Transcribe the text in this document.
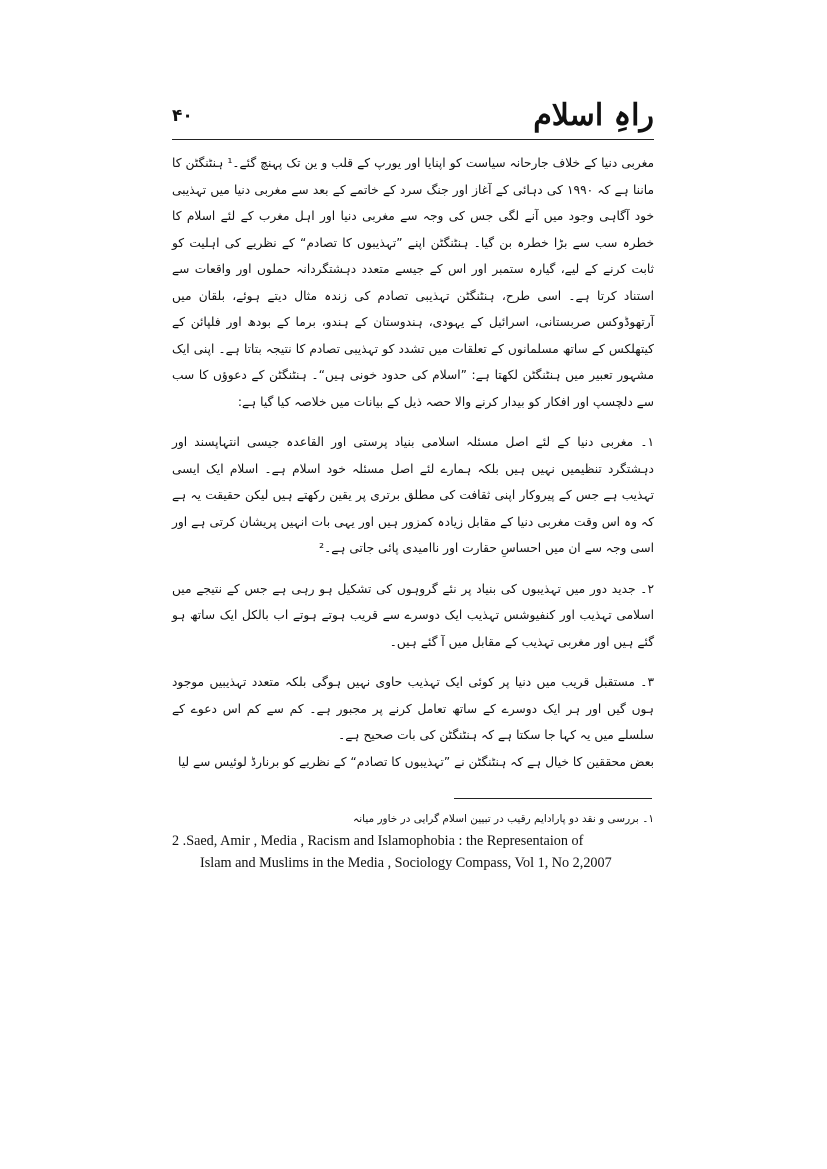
راہِ اسلام
۴۰

مغربی دنیا کے خلاف جارحانہ سیاست کو اپنایا اور یورپ کے قلب و ین تک پہنچ گئے۔¹ ہنٹنگٹن کا ماننا ہے کہ ۱۹۹۰ کی دہائی کے آغاز اور جنگ سرد کے خاتمے کے بعد سے مغربی دنیا میں تہذیبی خود آگاہی وجود میں آنے لگی جس کی وجہ سے مغربی دنیا اور اہل مغرب کے لئے اسلام کا خطرہ سب سے بڑا خطرہ بن گیا۔ ہنٹنگٹن اپنے ”تہذیبوں کا تصادم“ کے نظریے کی اہلیت کو ثابت کرنے کے لیے، گیارہ ستمبر اور اس کے جیسے متعدد دہشتگردانہ حملوں اور واقعات سے استناد کرتا ہے۔ اسی طرح، ہنٹنگٹن تہذیبی تصادم کی زندہ مثال دیتے ہوئے، بلقان میں آرتھوڈوکس صربستانی، اسرائیل کے یہودی، ہندوستان کے ہندو، برما کے بودھ اور فلپائن کے کیتھلکس کے ساتھ مسلمانوں کے تعلقات میں تشدد کو تہذیبی تصادم کا نتیجہ بتاتا ہے۔ اپنی ایک مشہور تعبیر میں ہنٹنگٹن لکھتا ہے: ”اسلام کی حدود خونی ہیں“۔ ہنٹنگٹن کے دعوؤں کا سب سے دلچسپ اور افکار کو بیدار کرنے والا حصہ ذیل کے بیانات میں خلاصہ کیا گیا ہے:

۱۔ مغربی دنیا کے لئے اصل مسئلہ اسلامی بنیاد پرستی اور القاعدہ جیسی انتہاپسند اور دہشتگرد تنظیمیں نہیں ہیں بلکہ ہمارے لئے اصل مسئلہ خود اسلام ہے۔ اسلام ایک ایسی تہذیب ہے جس کے پیروکار اپنی ثقافت کی مطلق برتری پر یقین رکھتے ہیں لیکن حقیقت یہ ہے کہ وہ اس وقت مغربی دنیا کے مقابل زیادہ کمزور ہیں اور یہی بات انہیں پریشان کرتی ہے اور اسی وجہ سے ان میں احساسِ حقارت اور ناامیدی پائی جاتی ہے۔²

۲۔ جدید دور میں تہذیبوں کی بنیاد پر نئے گروہوں کی تشکیل ہو رہی ہے جس کے نتیجے میں اسلامی تہذیب اور کنفیوشس تہذیب ایک دوسرے سے قریب ہوتے ہوتے اب بالکل ایک ساتھ ہو گئے ہیں اور مغربی تہذیب کے مقابل میں آ گئے ہیں۔

۳۔ مستقبل قریب میں دنیا پر کوئی ایک تہذیب حاوی نہیں ہوگی بلکہ متعدد تہذیبیں موجود ہوں گیں اور ہر ایک دوسرے کے ساتھ تعامل کرنے پر مجبور ہے۔ کم سے کم اس دعوے کے سلسلے میں یہ کہا جا سکتا ہے کہ ہنٹنگٹن کی بات صحیح ہے۔

بعض محققین کا خیال ہے کہ ہنٹنگٹن نے ”تہذیبوں کا تصادم“ کے نظریے کو برنارڈ لوئیس سے لیا

۱۔ بررسی و نقد دو پارادایم رقیب در تبیین اسلام گرایی در خاور میانہ
2 .Saed, Amir , Media , Racism and Islamophobia : the Representaion of
Islam and Muslims in the Media , Sociology Compass, Vol 1, No 2,2007
